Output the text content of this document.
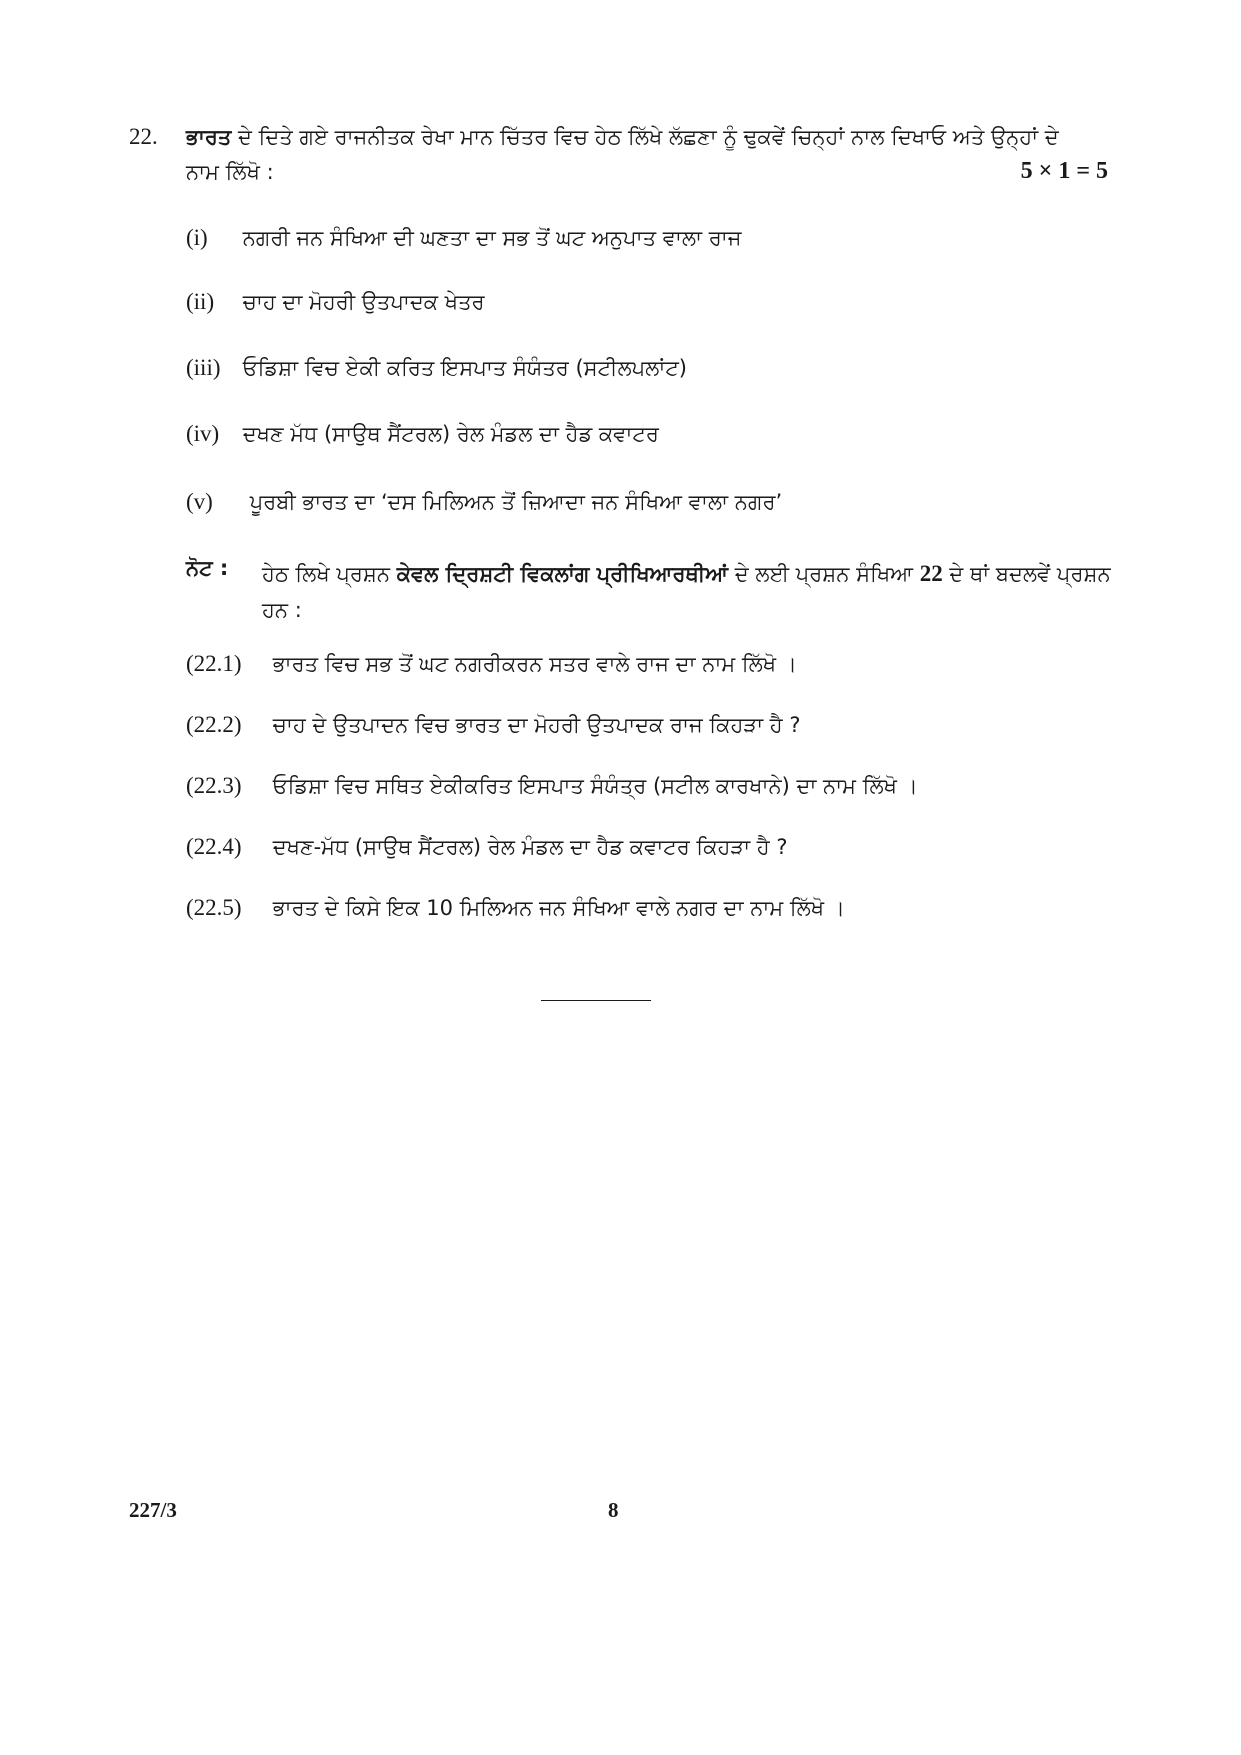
22. ਭਾਰਤ ਦੇ ਦਿਤੇ ਗਏ ਰਾਜਨੀਤਕ ਰੇਖਾ ਮਾਨ ਚਿੱਤਰ ਵਿਚ ਹੇਠ ਲਿੱਖੇ ਲੱਛਣਾ ਨੂੰ ਢੁਕਵੇਂ ਚਿਨ੍ਹਾਂ ਨਾਲ ਦਿਖਾਓ ਅਤੇ ਉਨ੍ਹਾਂ ਦੇ
ਨਾਮ ਲਿੱਖੋ :	5 × 1 = 5
(i) ਨਗਰੀ ਜਨ ਸੰਖਿਆ ਦੀ ਘਣਤਾ ਦਾ ਸਭ ਤੋਂ ਘਟ ਅਨੁਪਾਤ ਵਾਲਾ ਰਾਜ
(ii) ਚਾਹ ਦਾ ਮੋਹਰੀ ਉਤਪਾਦਕ ਖੇਤਰ
(iii) ਓਡਿਸ਼ਾ ਵਿਚ ਏਕੀ ਕਰਿਤ ਇਸਪਾਤ ਸੰਯੰਤਰ (ਸਟੀਲਪਲਾਂਟ)
(iv) ਦਖਣ ਮੱਧ (ਸਾਉਥ ਸੈਂਟਰਲ) ਰੇਲ ਮੰਡਲ ਦਾ ਹੈਡ ਕਵਾਟਰ
(v) ਪੂਰਬੀ ਭਾਰਤ ਦਾ ‘ਦਸ ਮਿਲਿਅਨ ਤੋਂ ਜ਼ਿਆਦਾ ਜਨ ਸੰਖਿਆ ਵਾਲਾ ਨਗਰ’
ਨੋਟ : ਹੇਠ ਲਿਖੇ ਪ੍ਰਸ਼ਨ ਕੇਵਲ ਦ੍ਰਿਸ਼ਟੀ ਵਿਕਲਾਂਗ ਪ੍ਰੀਖਿਆਰਥੀਆਂ ਦੇ ਲਈ ਪ੍ਰਸ਼ਨ ਸੰਖਿਆ 22 ਦੇ ਥਾਂ ਬਦਲਵੇਂ ਪ੍ਰਸ਼ਨ ਹਨ :
(22.1) ਭਾਰਤ ਵਿਚ ਸਭ ਤੋਂ ਘਟ ਨਗਰੀਕਰਨ ਸਤਰ ਵਾਲੇ ਰਾਜ ਦਾ ਨਾਮ ਲਿੱਖੋ ।
(22.2) ਚਾਹ ਦੇ ਉਤਪਾਦਨ ਵਿਚ ਭਾਰਤ ਦਾ ਮੋਹਰੀ ਉਤਪਾਦਕ ਰਾਜ ਕਿਹੜਾ ਹੈ ?
(22.3) ਓਡਿਸ਼ਾ ਵਿਚ ਸਥਿਤ ਏਕੀਕਰਿਤ ਇਸਪਾਤ ਸੰਯੰਤ੍ਰ (ਸਟੀਲ ਕਾਰਖਾਨੇ) ਦਾ ਨਾਮ ਲਿੱਖੋ ।
(22.4) ਦਖਣ-ਮੱਧ (ਸਾਉਥ ਸੈਂਟਰਲ) ਰੇਲ ਮੰਡਲ ਦਾ ਹੈਡ ਕਵਾਟਰ ਕਿਹੜਾ ਹੈ ?
(22.5) ਭਾਰਤ ਦੇ ਕਿਸੇ ਇਕ 10 ਮਿਲਿਅਨ ਜਨ ਸੰਖਿਆ ਵਾਲੇ ਨਗਰ ਦਾ ਨਾਮ ਲਿੱਖੋ ।
227/3	8
